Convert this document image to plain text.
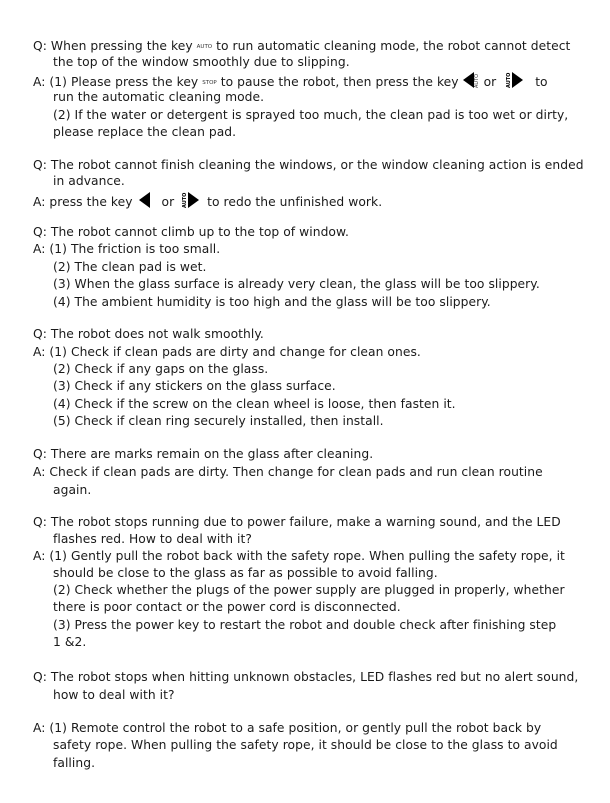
Q: When pressing the key AUTO to run automatic cleaning mode, the robot cannot detect
the top of the window smoothly due to slipping.
A: (1) Please press the key STOP to pause the robot, then press the key	AUTO or AUTO to
run the automatic cleaning mode.
(2) If the water or detergent is sprayed too much, the clean pad is too wet or dirty,
please replace the clean pad.
Q: The robot cannot finish cleaning the windows, or the window cleaning action is ended
in advance.
A: press the key or AUTO to redo the unfinished work.
Q: The robot cannot climb up to the top of window.
A: (1) The friction is too small.
(2) The clean pad is wet.
(3) When the glass surface is already very clean, the glass will be too slippery.
(4) The ambient humidity is too high and the glass will be too slippery.
Q: The robot does not walk smoothly.
A: (1) Check if clean pads are dirty and change for clean ones.
(2) Check if any gaps on the glass.
(3) Check if any stickers on the glass surface.
(4) Check if the screw on the clean wheel is loose, then fasten it.
(5) Check if clean ring securely installed, then install.
Q: There are marks remain on the glass after cleaning.
A: Check if clean pads are dirty. Then change for clean pads and run clean routine
again.
Q: The robot stops running due to power failure, make a warning sound, and the LED
flashes red. How to deal with it?
A: (1) Gently pull the robot back with the safety rope. When pulling the safety rope, it
should be close to the glass as far as possible to avoid falling.
(2) Check whether the plugs of the power supply are plugged in properly, whether
there is poor contact or the power cord is disconnected.
(3) Press the power key to restart the robot and double check after finishing step
1 &2.
Q: The robot stops when hitting unknown obstacles, LED flashes red but no alert sound,
how to deal with it?
A: (1) Remote control the robot to a safe position, or gently pull the robot back by
safety rope. When pulling the safety rope, it should be close to the glass to avoid
falling.
